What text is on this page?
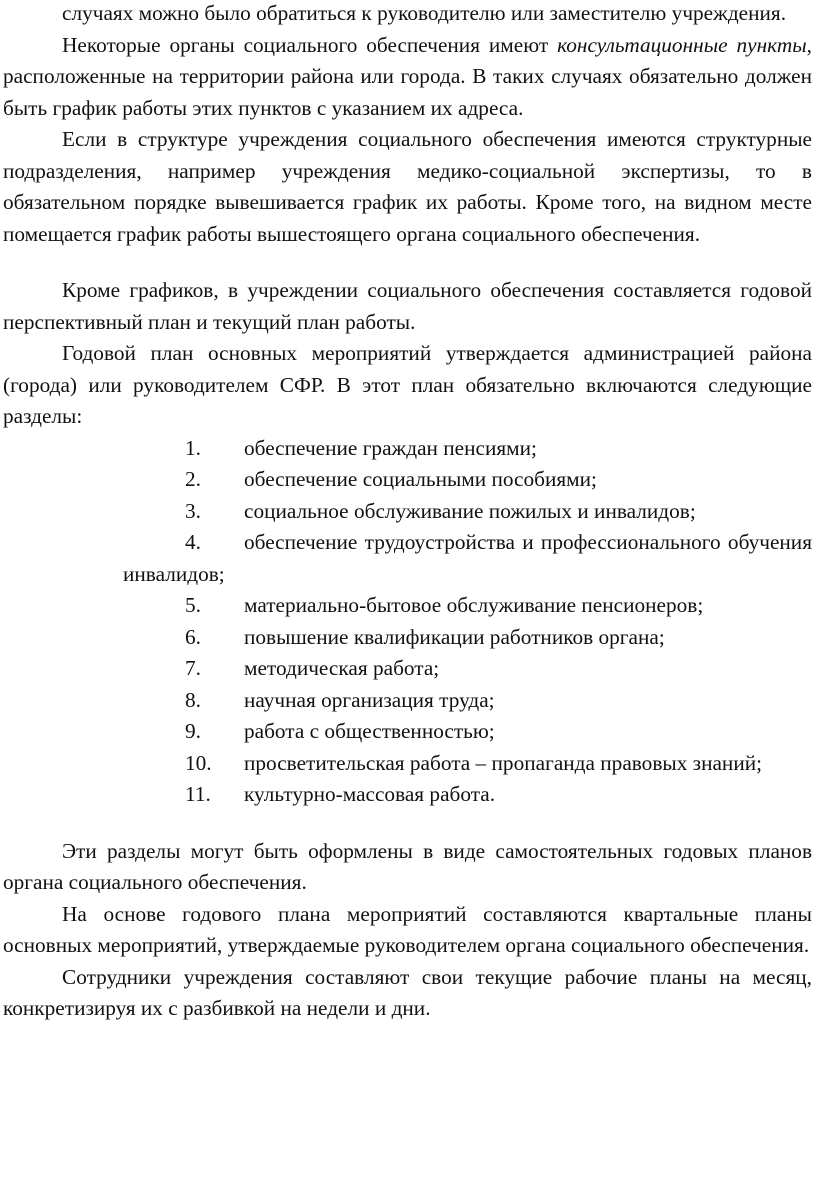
случаях можно было обратиться к руководителю или заместителю учреждения.

Некоторые органы социального обеспечения имеют консультационные пункты, расположенные на территории района или города. В таких случаях обязательно должен быть график работы этих пунктов с указанием их адреса.

Если в структуре учреждения социального обеспечения имеются структурные подразделения, например учреждения медико-социальной экспертизы, то в обязательном порядке вывешивается график их работы. Кроме того, на видном месте помещается график работы вышестоящего органа социального обеспечения.

Кроме графиков, в учреждении социального обеспечения составляется годовой перспективный план и текущий план работы.

Годовой план основных мероприятий утверждается администрацией района (города) или руководителем СФР. В этот план обязательно включаются следующие разделы:

1. обеспечение граждан пенсиями;
2. обеспечение социальными пособиями;
3. социальное обслуживание пожилых и инвалидов;
4. обеспечение трудоустройства и профессионального обучения инвалидов;
5. материально-бытовое обслуживание пенсионеров;
6. повышение квалификации работников органа;
7. методическая работа;
8. научная организация труда;
9. работа с общественностью;
10. просветительская работа – пропаганда правовых знаний;
11. культурно-массовая работа.

Эти разделы могут быть оформлены в виде самостоятельных годовых планов органа социального обеспечения.

На основе годового плана мероприятий составляются квартальные планы основных мероприятий, утверждаемые руководителем органа социального обеспечения.

Сотрудники учреждения составляют свои текущие рабочие планы на месяц, конкретизируя их с разбивкой на недели и дни.
